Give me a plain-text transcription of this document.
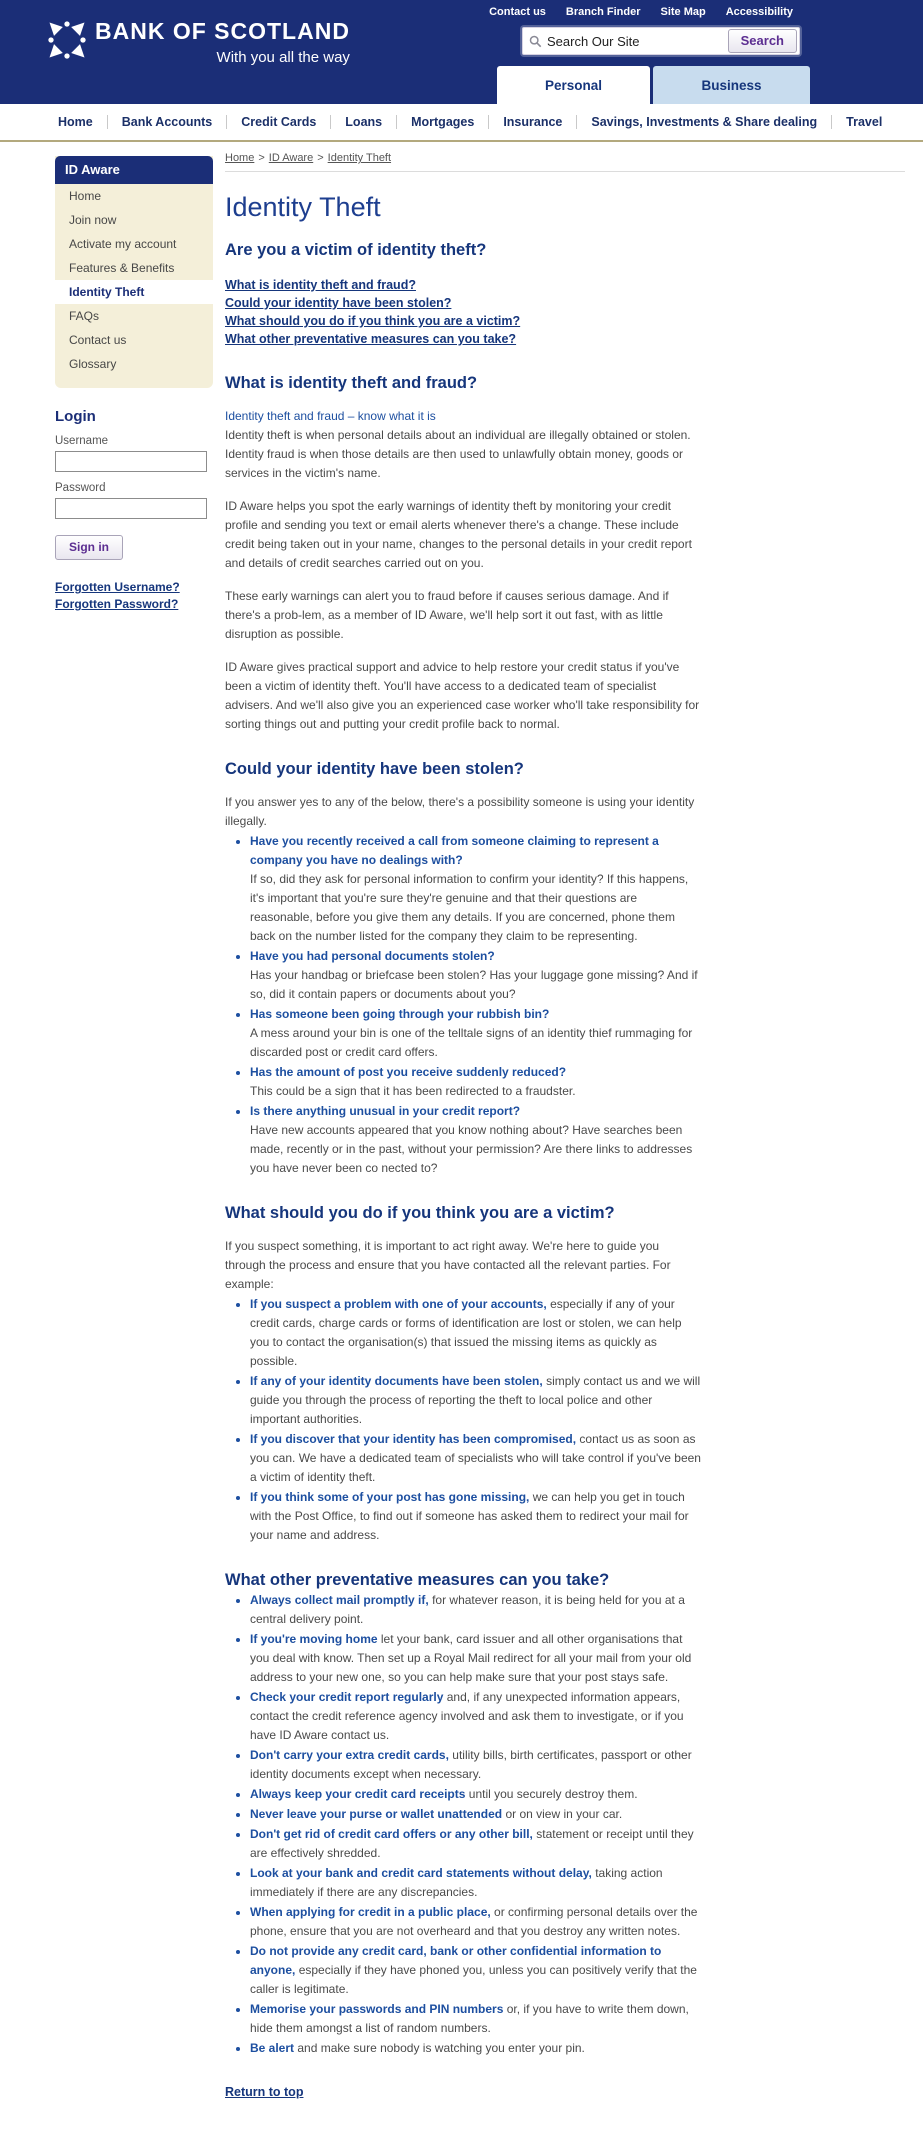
BANK OF SCOTLAND
With you all the way
Contact us Branch Finder Site Map Accessibility
Search Our Site
Search
Personal	Business
Home	Bank Accounts	Credit Cards	Loans	Mortgages	Insurance	Savings, Investments & Share dealing	Travel
ID Aware
Home
Join now
Activate my account
Features & Benefits
Identity Theft
FAQs
Contact us
Glossary
Login
Username
Password
Sign in
Forgotten Username?
Forgotten Password?
Home > ID Aware > Identity Theft
Identity Theft
Are you a victim of identity theft?
What is identity theft and fraud?
Could your identity have been stolen?
What should you do if you think you are a victim?
What other preventative measures can you take?
What is identity theft and fraud?
Identity theft and fraud – know what it is
Identity theft is when personal details about an individual are illegally obtained or stolen.
Identity fraud is when those details are then used to unlawfully obtain money, goods or services in the victim's name.
ID Aware helps you spot the early warnings of identity theft by monitoring your credit profile and sending you text or email alerts whenever there's a change. These include credit being taken out in your name, changes to the personal details in your credit report and details of credit searches carried out on you.
These early warnings can alert you to fraud before if causes serious damage. And if there's a prob-lem, as a member of ID Aware, we'll help sort it out fast, with as little disruption as possible.
ID Aware gives practical support and advice to help restore your credit status if you've been a victim of identity theft. You'll have access to a dedicated team of specialist advisers. And we'll also give you an experienced case worker who'll take responsibility for sorting things out and putting your credit profile back to normal.
Could your identity have been stolen?
If you answer yes to any of the below, there's a possibility someone is using your identity illegally.
• Have you recently received a call from someone claiming to represent a company you have no dealings with?
If so, did they ask for personal information to confirm your identity? If this happens, it's important that you're sure they're genuine and that their questions are reasonable, before you give them any details. If you are concerned, phone them back on the number listed for the company they claim to be representing.
• Have you had personal documents stolen?
Has your handbag or briefcase been stolen? Has your luggage gone missing? And if so, did it contain papers or documents about you?
• Has someone been going through your rubbish bin?
A mess around your bin is one of the telltale signs of an identity thief rummaging for discarded post or credit card offers.
• Has the amount of post you receive suddenly reduced?
This could be a sign that it has been redirected to a fraudster.
• Is there anything unusual in your credit report?
Have new accounts appeared that you know nothing about? Have searches been made, recently or in the past, without your permission? Are there links to addresses you have never been co nected to?
What should you do if you think you are a victim?
If you suspect something, it is important to act right away. We're here to guide you through the process and ensure that you have contacted all the relevant parties. For example:
• If you suspect a problem with one of your accounts, especially if any of your credit cards, charge cards or forms of identification are lost or stolen, we can help you to contact the organisation(s) that issued the missing items as quickly as possible.
• If any of your identity documents have been stolen, simply contact us and we will guide you through the process of reporting the theft to local police and other important authorities.
• If you discover that your identity has been compromised, contact us as soon as you can. We have a dedicated team of specialists who will take control if you've been a victim of identity theft.
• If you think some of your post has gone missing, we can help you get in touch with the Post Office, to find out if someone has asked them to redirect your mail for your name and address.
What other preventative measures can you take?
• Always collect mail promptly if, for whatever reason, it is being held for you at a central delivery point.
• If you're moving home let your bank, card issuer and all other organisations that you deal with know. Then set up a Royal Mail redirect for all your mail from your old address to your new one, so you can help make sure that your post stays safe.
• Check your credit report regularly and, if any unexpected information appears, contact the credit reference agency involved and ask them to investigate, or if you have ID Aware contact us.
• Don't carry your extra credit cards, utility bills, birth certificates, passport or other identity documents except when necessary.
• Always keep your credit card receipts until you securely destroy them.
• Never leave your purse or wallet unattended or on view in your car.
• Don't get rid of credit card offers or any other bill, statement or receipt until they are effectively shredded.
• Look at your bank and credit card statements without delay, taking action immediately if there are any discrepancies.
• When applying for credit in a public place, or confirming personal details over the phone, ensure that you are not overheard and that you destroy any written notes.
• Do not provide any credit card, bank or other confidential information to anyone, especially if they have phoned you, unless you can positively verify that the caller is legitimate.
• Memorise your passwords and PIN numbers or, if you have to write them down, hide them amongst a list of random numbers.
• Be alert and make sure nobody is watching you enter your pin.
Return to top
